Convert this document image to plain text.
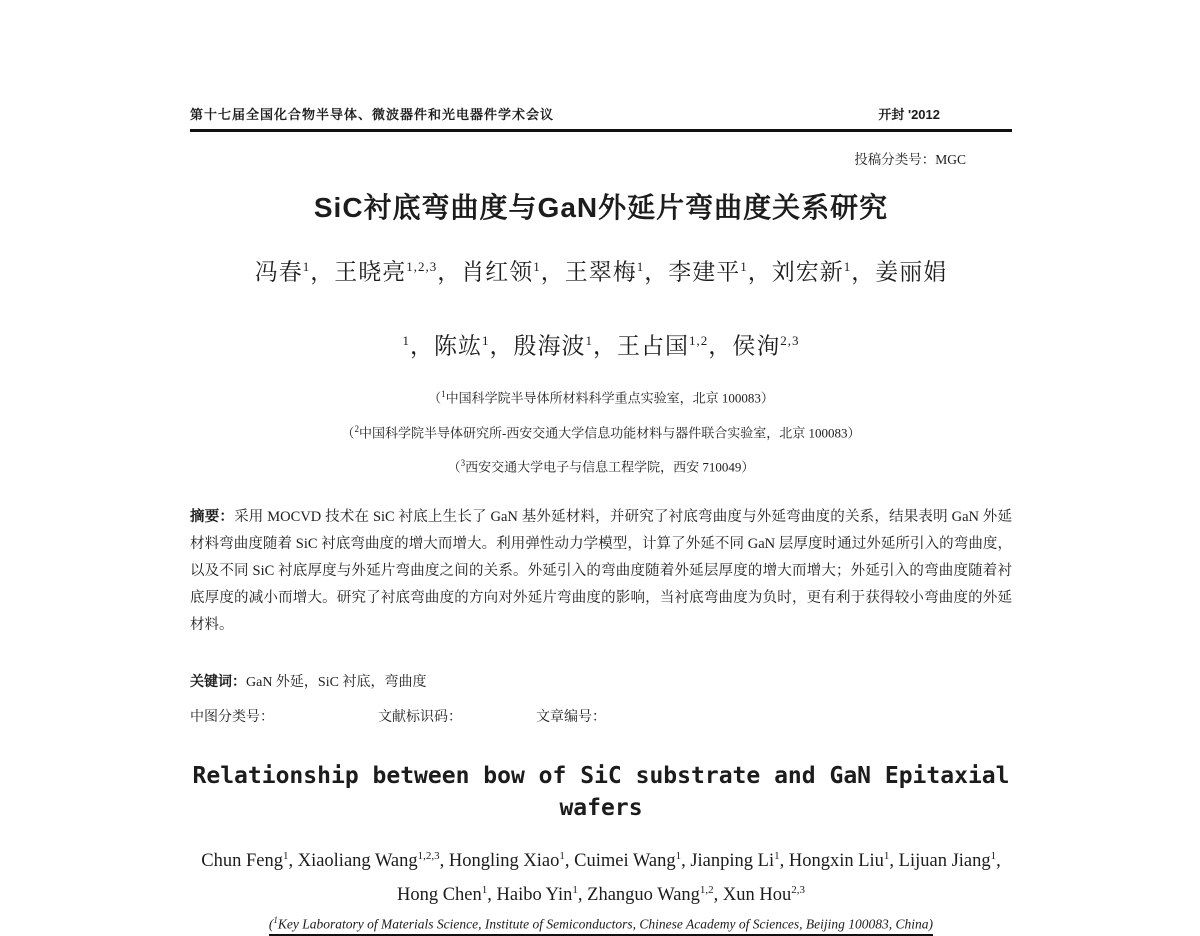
第十七届全国化合物半导体、微波器件和光电器件学术会议	开封 '2012
投稿分类号：MGC
SiC衬底弯曲度与GaN外延片弯曲度关系研究
冯春$^1$，王晓亮$^{1,2,3}$，肖红领$^1$，王翠梅$^1$，李建平$^1$，刘宏新$^1$，姜丽娟
$^1$，陈竑$^1$，殷海波$^1$，王占国$^{1,2}$，侯洵$^{2,3}$
（$^1$中国科学院半导体所材料科学重点实验室，北京 100083）
（$^2$中国科学院半导体研究所-西安交通大学信息功能材料与器件联合实验室，北京 100083）
（$^3$西安交通大学电子与信息工程学院，西安 710049）
摘要：采用 MOCVD 技术在 SiC 衬底上生长了 GaN 基外延材料，并研究了衬底弯曲度与外延弯曲度的关系，结果表明 GaN 外延材料弯曲度随着 SiC 衬底弯曲度的增大而增大。利用弹性动力学模型，计算了外延不同 GaN 层厚度时通过外延所引入的弯曲度，以及不同 SiC 衬底厚度与外延片弯曲度之间的关系。外延引入的弯曲度随着外延层厚度的增大而增大；外延引入的弯曲度随着衬底厚度的减小而增大。研究了衬底弯曲度的方向对外延片弯曲度的影响，当衬底弯曲度为负时，更有利于获得较小弯曲度的外延材料。
关键词：GaN 外延，SiC 衬底，弯曲度
中图分类号：	文献标识码：	文章编号：
Relationship between bow of SiC substrate and GaN Epitaxial wafers
Chun Feng$^1$, Xiaoliang Wang$^{1,2,3}$, Hongling Xiao$^1$, Cuimei Wang$^1$, Jianping Li$^1$, Hongxin Liu$^1$, Lijuan Jiang$^1$, Hong Chen$^1$, Haibo Yin$^1$, Zhanguo Wang$^{1,2}$, Xun Hou$^{2,3}$
($^1$Key Laboratory of Materials Science, Institute of Semiconductors, Chinese Academy of Sciences, Beijing 100083, China)
